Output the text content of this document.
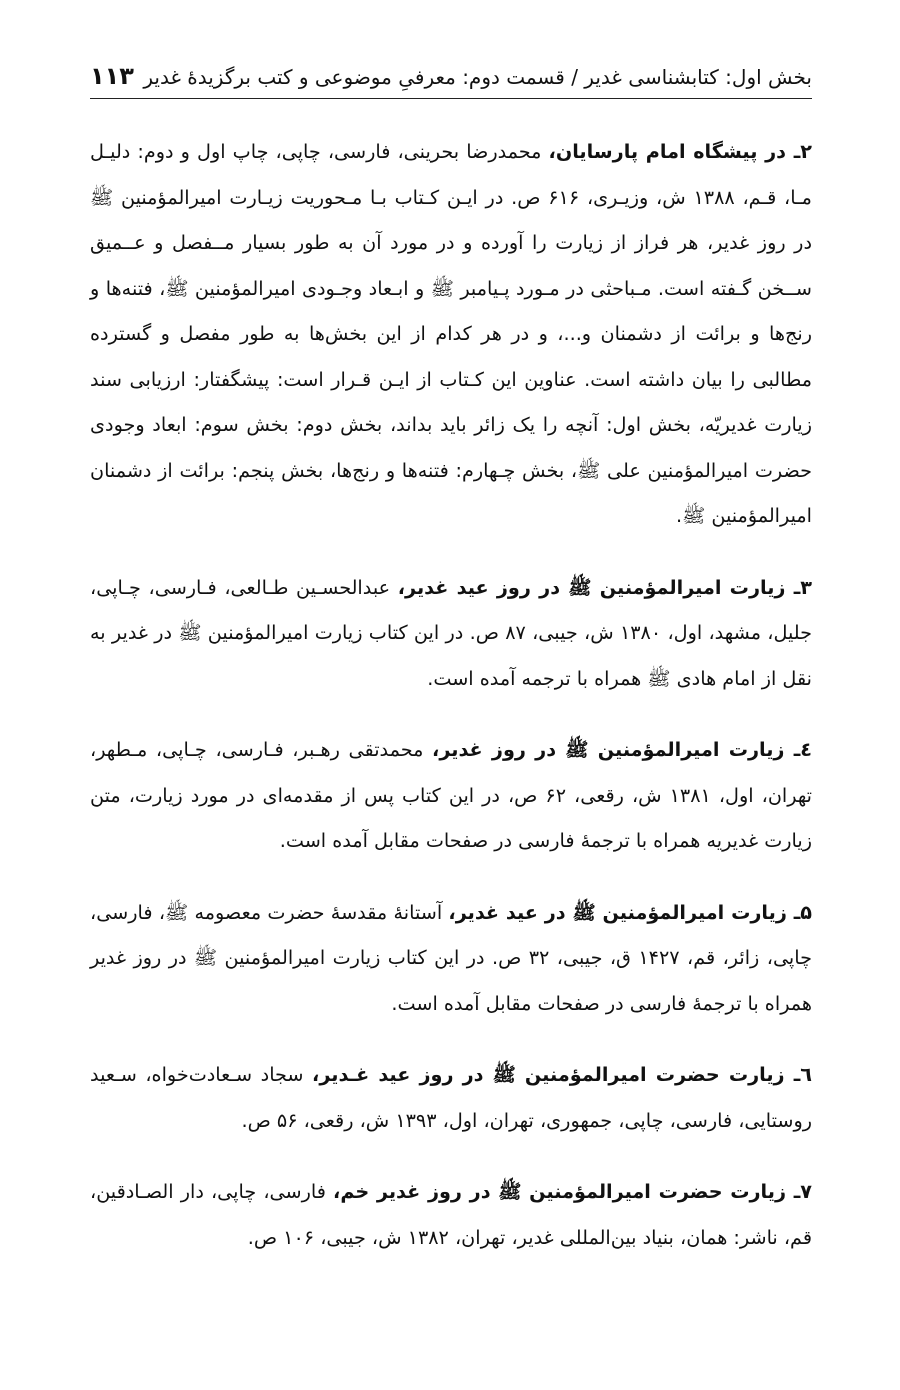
بخش اول: کتابشناسی غدیر / قسمت دوم: معرفیِ موضوعی و کتب برگزیدهٔ غدیر
۱۱۳

۲ـ در پیشگاه امام پارسایان، محمدرضا بحرینی، فارسی، چاپی، چاپ اول و دوم: دلیـل مـا، قـم، ۱۳۸۸ ش، وزیـری، ۶۱۶ ص. در ایـن کـتاب بـا مـحوریت زیـارت امیرالمؤمنین ﷺ در روز غدیر، هر فراز از زیارت را آورده و در مورد آن به طور بسیار مــفصل و عــمیق ســخن گـفته است. مـباحثی در مـورد پـیامبر ﷺ و ابـعاد وجـودی امیرالمؤمنین ﷺ، فتنه‌ها و رنج‌ها و برائت از دشمنان و...، و در هر کدام از این بخش‌ها به طور مفصل و گسترده مطالبی را بیان داشته است. عناوین این کـتاب از ایـن قـرار است: پیشگفتار: ارزیابی سند زیارت غدیریّه، بخش اول: آنچه را یک زائر باید بداند، بخش دوم: بخش سوم: ابعاد وجودی حضرت امیرالمؤمنین علی ﷺ، بخش چـهارم: فتنه‌ها و رنج‌ها، بخش پنجم: برائت از دشمنان امیرالمؤمنین ﷺ.

۳ـ زیارت امیرالمؤمنین ﷺ در روز عید غدیر، عبدالحسـین طـالعی، فـارسی، چـاپی، جلیل، مشهد، اول، ۱۳۸۰ ش، جیبی، ۸۷ ص. در این کتاب زیارت امیرالمؤمنین ﷺ در غدیر به نقل از امام هادی ﷺ همراه با ترجمه آمده است.

٤ـ زیارت امیرالمؤمنین ﷺ در روز غدیر، محمدتقی رهـبر، فـارسی، چـاپی، مـطهر، تهران، اول، ۱۳۸۱ ش، رقعی، ۶۲ ص، در این کتاب پس از مقدمه‌ای در مورد زیارت، متن زیارت غدیریه همراه با ترجمهٔ فارسی در صفحات مقابل آمده است.

۵ـ زیارت امیرالمؤمنین ﷺ در عید غدیر، آستانهٔ مقدسهٔ حضرت معصومه ﷺ، فارسی، چاپی، زائر، قم، ۱۴۲۷ ق، جیبی، ۳۲ ص. در این کتاب زیارت امیرالمؤمنین ﷺ در روز غدیر همراه با ترجمهٔ فارسی در صفحات مقابل آمده است.

٦ـ زیارت حضرت امیرالمؤمنین ﷺ در روز عید غـدیر، سجاد سـعادت‌خواه، سـعید روستایی، فارسی، چاپی، جمهوری، تهران، اول، ۱۳۹۳ ش، رقعی، ۵۶ ص.

۷ـ زیارت حضرت امیرالمؤمنین ﷺ در روز غدیر خم، فارسی، چاپی، دار الصـادقین، قم، ناشر: همان، بنیاد بین‌المللی غدیر، تهران، ۱۳۸۲ ش، جیبی، ۱۰۶ ص.
